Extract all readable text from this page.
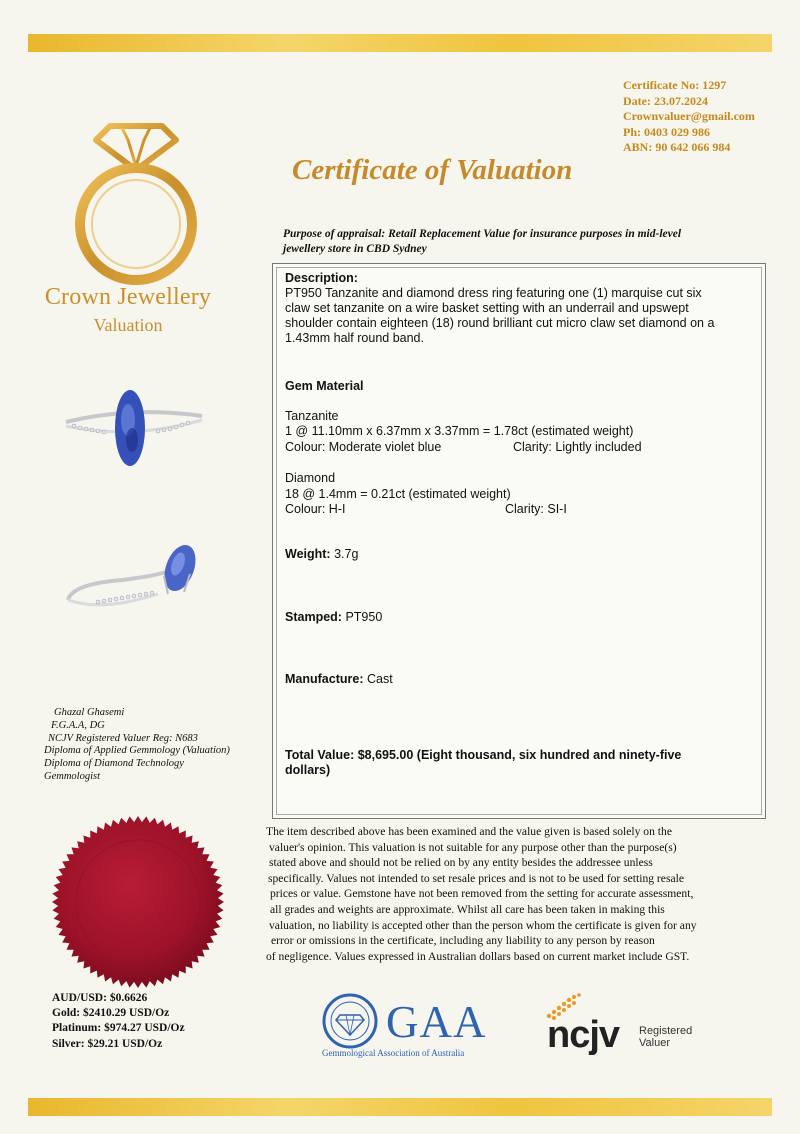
Certificate No: 1297
Date: 23.07.2024
Crownvaluer@gmail.com
Ph: 0403 029 986
ABN: 90 642 066 984
Crown Jewellery
Valuation
Certificate of Valuation
Purpose of appraisal: Retail Replacement Value for insurance purposes in mid-level
jewellery store in CBD Sydney
Description:
PT950 Tanzanite and diamond dress ring featuring one (1) marquise cut six
claw set tanzanite on a wire basket setting with an underrail and upswept
shoulder contain eighteen (18) round brilliant cut micro claw set diamond on a
1.43mm half round band.
Gem Material
Tanzanite
1 @ 11.10mm x 6.37mm x 3.37mm = 1.78ct (estimated weight)
Colour: Moderate violet blue	Clarity: Lightly included
Diamond
18 @ 1.4mm = 0.21ct (estimated weight)
Colour: H-I	Clarity: SI-I
Weight: 3.7g
Stamped: PT950
Manufacture: Cast
Total Value: $8,695.00 (Eight thousand, six hundred and ninety-five
dollars)
Ghazal Ghasemi
F.G.A.A, DG
NCJV Registered Valuer Reg: N683
Diploma of Applied Gemmology (Valuation)
Diploma of Diamond Technology
Gemmologist
The item described above has been examined and the value given is based solely on the
valuer's opinion. This valuation is not suitable for any purpose other than the purpose(s)
stated above and should not be relied on by any entity besides the addressee unless
specifically. Values not intended to set resale prices and is not to be used for setting resale
prices or value. Gemstone have not been removed from the setting for accurate assessment,
all grades and weights are approximate. Whilst all care has been taken in making this
valuation, no liability is accepted other than the person whom the certificate is given for any
error or omissions in the certificate, including any liability to any person by reason
of negligence. Values expressed in Australian dollars based on current market include GST.
AUD/USD: $0.6626
Gold: $2410.29 USD/Oz
Platinum: $974.27 USD/Oz
Silver: $29.21 USD/Oz	GAA
Gemmological Association of Australia	ncjv Registered
Valuer
